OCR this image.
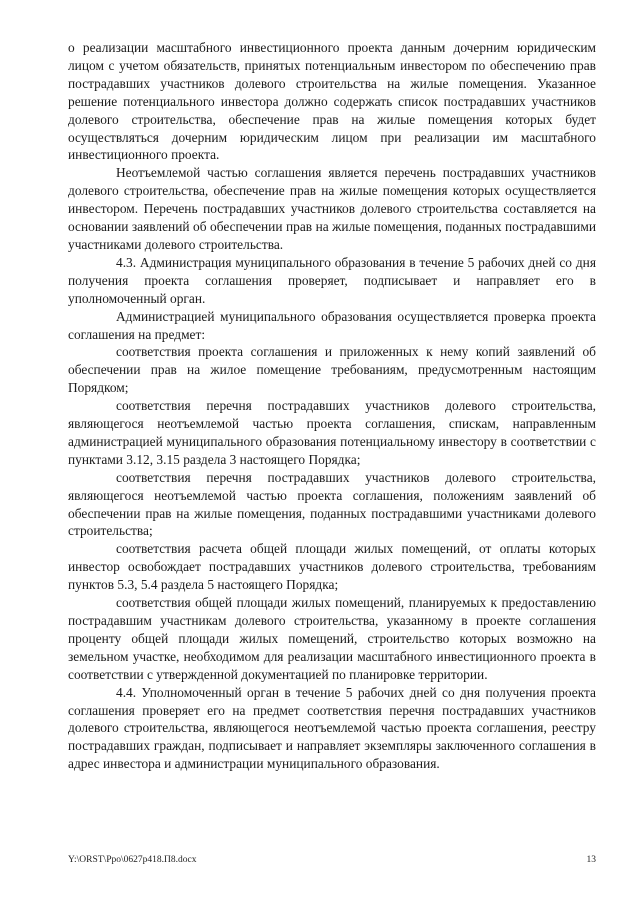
о реализации масштабного инвестиционного проекта данным дочерним юридическим лицом с учетом обязательств, принятых потенциальным инвестором по обеспечению прав пострадавших участников долевого строительства на жилые помещения. Указанное решение потенциального инвестора должно содержать список пострадавших участников долевого строительства, обеспечение прав на жилые помещения которых будет осуществляться дочерним юридическим лицом при реализации им масштабного инвестиционного проекта.

Неотъемлемой частью соглашения является перечень пострадавших участников долевого строительства, обеспечение прав на жилые помещения которых осуществляется инвестором. Перечень пострадавших участников долевого строительства составляется на основании заявлений об обеспечении прав на жилые помещения, поданных пострадавшими участниками долевого строительства.

4.3. Администрация муниципального образования в течение 5 рабочих дней со дня получения проекта соглашения проверяет, подписывает и направляет его в уполномоченный орган.

Администрацией муниципального образования осуществляется проверка проекта соглашения на предмет:

соответствия проекта соглашения и приложенных к нему копий заявлений об обеспечении прав на жилое помещение требованиям, предусмотренным настоящим Порядком;

соответствия перечня пострадавших участников долевого строительства, являющегося неотъемлемой частью проекта соглашения, спискам, направленным администрацией муниципального образования потенциальному инвестору в соответствии с пунктами 3.12, 3.15 раздела 3 настоящего Порядка;

соответствия перечня пострадавших участников долевого строительства, являющегося неотъемлемой частью проекта соглашения, положениям заявлений об обеспечении прав на жилые помещения, поданных пострадавшими участниками долевого строительства;

соответствия расчета общей площади жилых помещений, от оплаты которых инвестор освобождает пострадавших участников долевого строительства, требованиям пунктов 5.3, 5.4 раздела 5 настоящего Порядка;

соответствия общей площади жилых помещений, планируемых к предоставлению пострадавшим участникам долевого строительства, указанному в проекте соглашения проценту общей площади жилых помещений, строительство которых возможно на земельном участке, необходимом для реализации масштабного инвестиционного проекта в соответствии с утвержденной документацией по планировке территории.

4.4. Уполномоченный орган в течение 5 рабочих дней со дня получения проекта соглашения проверяет его на предмет соответствия перечня пострадавших участников долевого строительства, являющегося неотъемлемой частью проекта соглашения, реестру пострадавших граждан, подписывает и направляет экземпляры заключенного соглашения в адрес инвестора и администрации муниципального образования.

Y:\ORST\Ppo\0627p418.П8.docx	13
